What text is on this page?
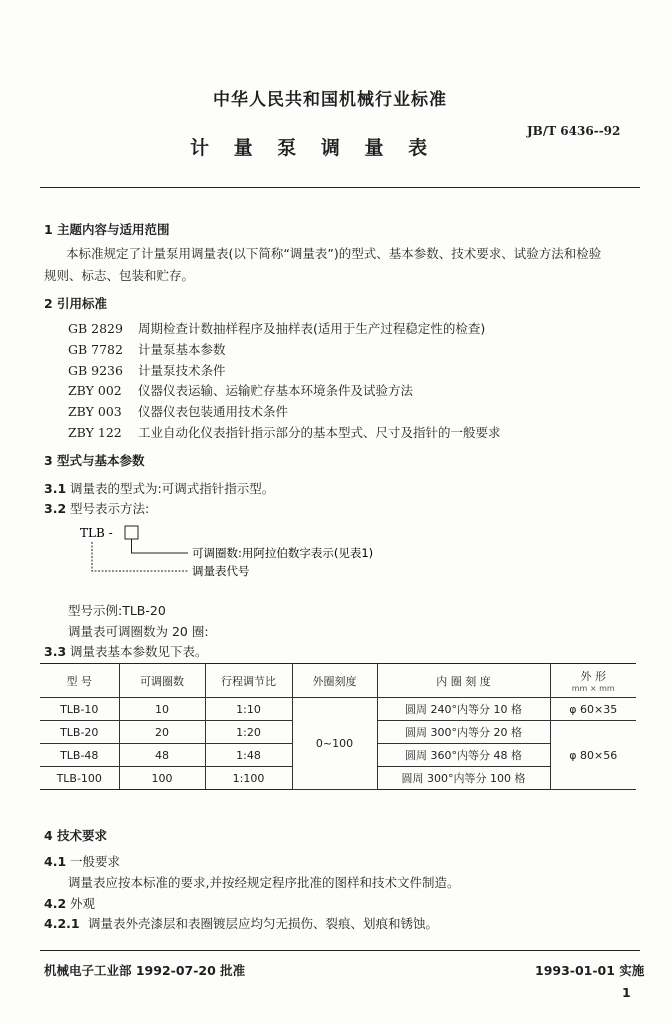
中华人民共和国机械行业标准
计 量 泵 调 量 表
JB/T 6436--92
1 主题内容与适用范围
本标准规定了计量泵用调量表(以下简称“调量表”)的型式、基本参数、技术要求、试验方法和检验
规则、标志、包装和贮存。
2 引用标准
GB 2829 周期检查计数抽样程序及抽样表(适用于生产过程稳定性的检查)
GB 7782 计量泵基本参数
GB 9236 计量泵技术条件
ZBY 002 仪器仪表运输、运输贮存基本环境条件及试验方法
ZBY 003 仪器仪表包装通用技术条件
ZBY 122 工业自动化仪表指针指示部分的基本型式、尺寸及指针的一般要求
3 型式与基本参数
3.1 调量表的型式为:可调式指针指示型。
3.2 型号表示方法:
TLB -
可调圈数:用阿拉伯数字表示(见表1)
调量表代号
型号示例:TLB-20
调量表可调圈数为 20 圈:
3.3 调量表基本参数见下表。
型 号	可调圈数	行程调节比	外圈刻度	内 圈 刻 度	外 形
mm × mm

TLB-10	10	1:10	0~100	圆周 240°内等分 10 格	φ 60×35
TLB-20	20	1:20		圆周 300°内等分 20 格	φ 80×56
TLB-48	48	1:48		圆周 360°内等分 48 格	
TLB-100	100	1:100		圆周 300°内等分 100 格	
4 技术要求
4.1 一般要求
调量表应按本标准的要求,并按经规定程序批准的图样和技术文件制造。
4.2 外观
4.2.1 调量表外壳漆层和表圈镀层应均匀无损伤、裂痕、划痕和锈蚀。
机械电子工业部 1992-07-20 批准	1993-01-01 实施
1
